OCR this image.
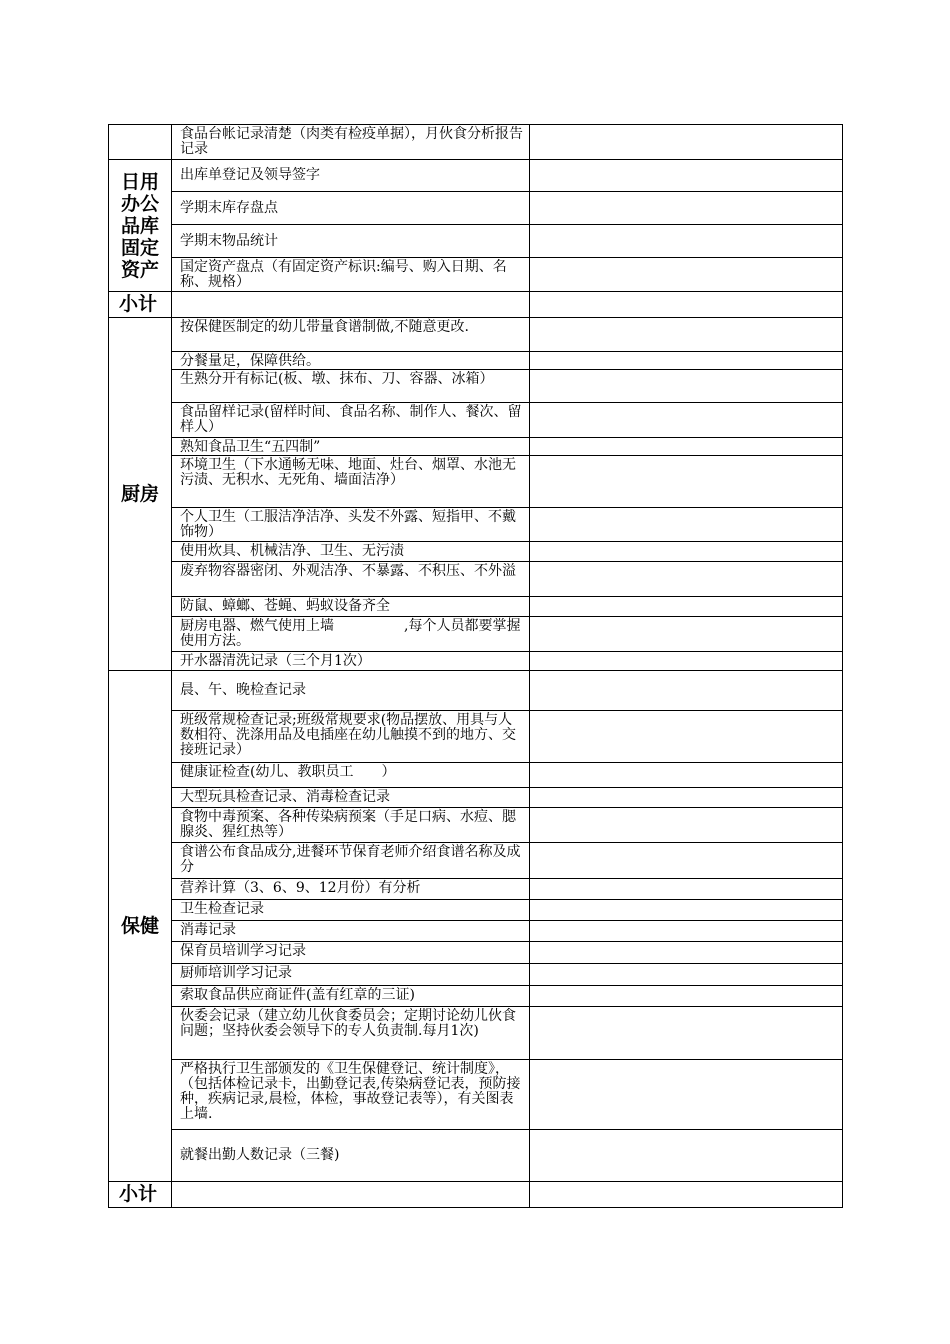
	食品台帐记录清楚（肉类有检疫单据），月伙食分析报告记录	
日用办公品库固定资产	出库单登记及领导签字	
	学期末库存盘点	
	学期末物品统计	
	国定资产盘点（有固定资产标识:编号、购入日期、名称、规格）	
小计		
厨房	按保健医制定的幼儿带量食谱制做,不随意更改.	
	分餐量足，保障供给。	
	生熟分开有标记(板、墩、抹布、刀、容器、冰箱）	
	食品留样记录(留样时间、食品名称、制作人、餐次、留样人）	
	熟知食品卫生“五四制”	
	环境卫生（下水通畅无味、地面、灶台、烟罩、水池无污渍、无积水、无死角、墙面洁净）	
	个人卫生（工服洁净洁净、头发不外露、短指甲、不戴饰物）	
	使用炊具、机械洁净、卫生、无污渍	
	废弃物容器密闭、外观洁净、不暴露、不积压、不外溢	
	防鼠、蟑螂、苍蝇、蚂蚁设备齐全	
	厨房电器、燃气使用上墙　　　　　,每个人员都要掌握使用方法。	
	开水器清洗记录（三个月1次）	
保健	晨、午、晚检查记录	
	班级常规检查记录;班级常规要求(物品摆放、用具与人数相符、洗涤用品及电插座在幼儿触摸不到的地方、交接班记录）	
	健康证检查(幼儿、教职员工　　）	
	大型玩具检查记录、消毒检查记录	
	食物中毒预案、各种传染病预案（手足口病、水痘、腮腺炎、猩红热等）	
	食谱公布食品成分,进餐环节保育老师介绍食谱名称及成分	
	营养计算（3、6、9、12月份）有分析	
	卫生检查记录	
	消毒记录	
	保育员培训学习记录	
	厨师培训学习记录	
	索取食品供应商证件(盖有红章的三证)	
	伙委会记录（建立幼儿伙食委员会；定期讨论幼儿伙食问题；坚持伙委会领导下的专人负责制.每月1次)	
	严格执行卫生部颁发的《卫生保健登记、统计制度》，（包括体检记录卡，出勤登记表,传染病登记表，预防接种，疾病记录,晨检，体检，事故登记表等），有关图表上墙.	
	就餐出勤人数记录（三餐)	
小计		
